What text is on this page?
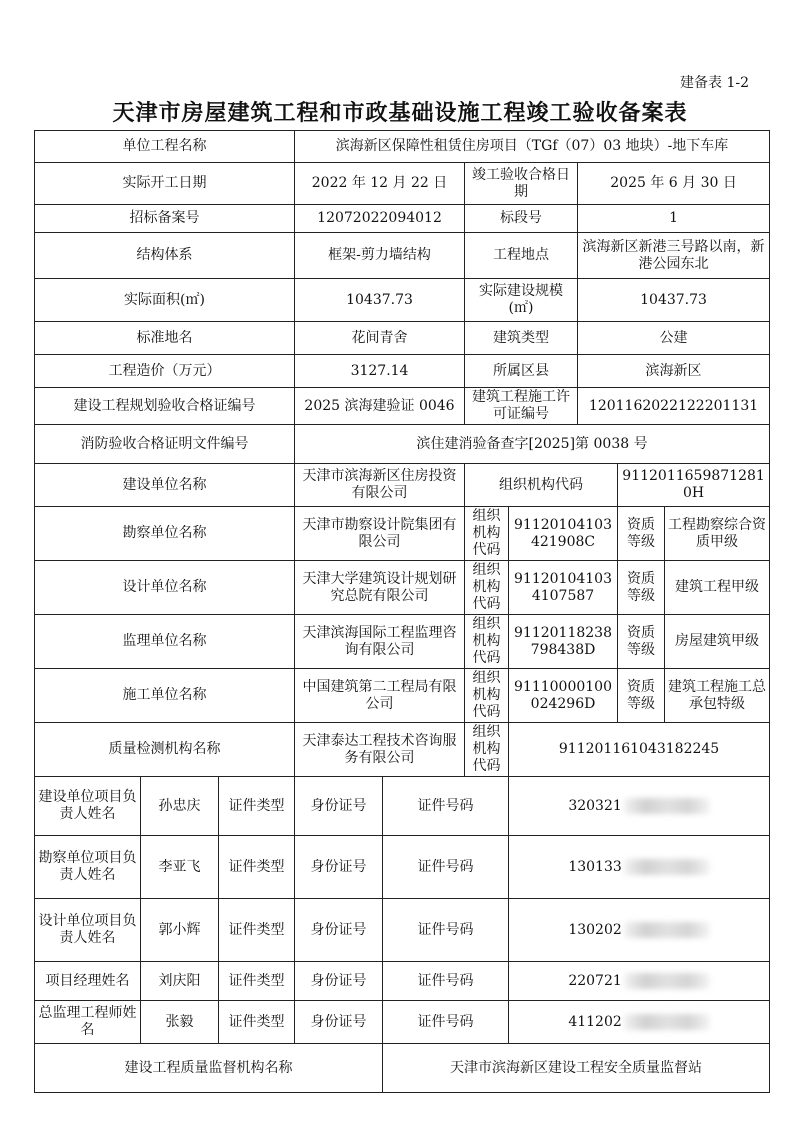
建备表 1-2
天津市房屋建筑工程和市政基础设施工程竣工验收备案表
单位工程名称			滨海新区保障性租赁住房项目（TGf（07）03 地块）-地下车库						
实际开工日期			2022 年 12 月 22 日		竣工验收合格日期		2025 年 6 月 30 日		
招标备案号			12072022094012		标段号		1		
结构体系			框架-剪力墙结构		工程地点		滨海新区新港三号路以南，新港公园东北		
实际面积(㎡)			10437.73		实际建设规模(㎡)		10437.73		
标准地名			花间青舍		建筑类型		公建		
工程造价（万元）			3127.14		所属区县		滨海新区		
建设工程规划验收合格证编号			2025 滨海建验证 0046		建筑工程施工许可证编号		1201162022122201131		
消防验收合格证明文件编号			滨住建消验备查字[2025]第 0038 号						
建设单位名称			天津市滨海新区住房投资有限公司		组织机构代码			91120116598712810H	
勘察单位名称			天津市勘察设计院集团有限公司		组织机构代码	91120104103421908C		资质等级	工程勘察综合资质甲级
设计单位名称			天津大学建筑设计规划研究总院有限公司		组织机构代码	911201041034107587		资质等级	建筑工程甲级
监理单位名称			天津滨海国际工程监理咨询有限公司		组织机构代码	91120118238798438D		资质等级	房屋建筑甲级
施工单位名称			中国建筑第二工程局有限公司		组织机构代码	91110000100024296D		资质等级	建筑工程施工总承包特级
质量检测机构名称			天津泰达工程技术咨询服务有限公司		组织机构代码	911201161043182245			
建设单位项目负责人姓名	孙忠庆	证件类型	身份证号	证件号码		320321			
勘察单位项目负责人姓名	李亚飞	证件类型	身份证号	证件号码		130133			
设计单位项目负责人姓名	郭小辉	证件类型	身份证号	证件号码		130202			
项目经理姓名	刘庆阳	证件类型	身份证号	证件号码		220721			
总监理工程师姓名	张毅	证件类型	身份证号	证件号码		411202			
建设工程质量监督机构名称				天津市滨海新区建设工程安全质量监督站					
